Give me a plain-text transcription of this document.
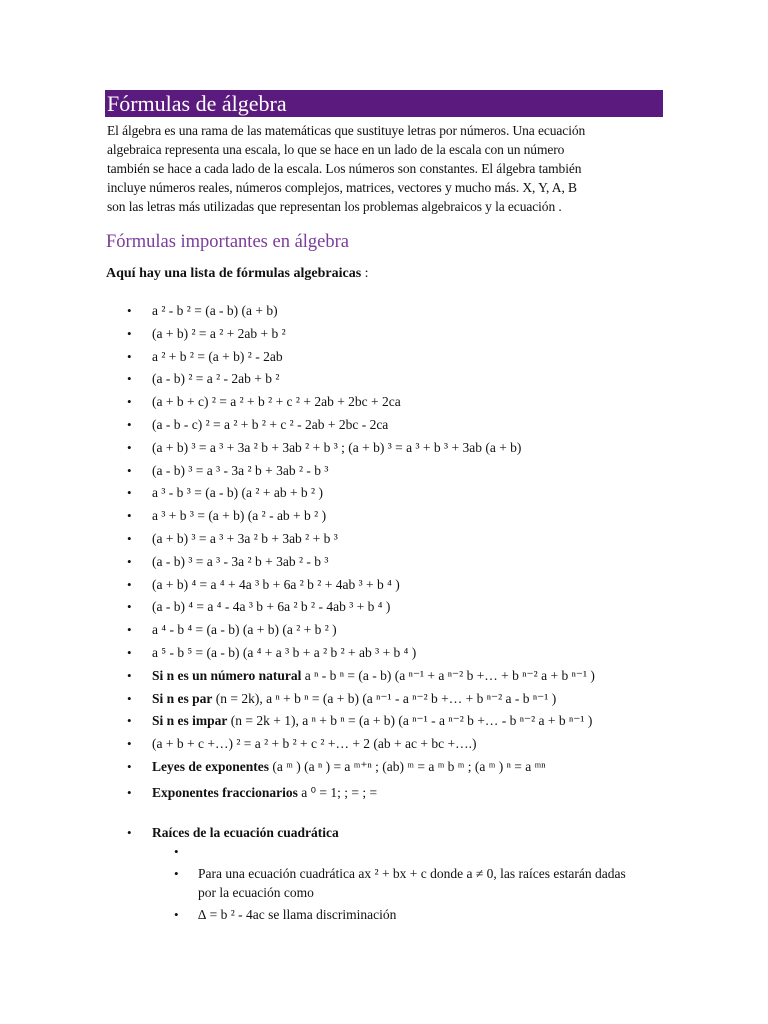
Fórmulas de álgebra

El álgebra es una rama de las matemáticas que sustituye letras por números. Una ecuación
algebraica representa una escala, lo que se hace en un lado de la escala con un número
también se hace a cada lado de la escala. Los números son constantes. El álgebra también
incluye números reales, números complejos, matrices, vectores y mucho más. X, Y, A, B
son las letras más utilizadas que representan los problemas algebraicos y la ecuación .

Fórmulas importantes en álgebra

Aquí hay una lista de fórmulas algebraicas :

• a ² - b ² = (a - b) (a + b)
• (a + b) ² = a ² + 2ab + b ²
• a ² + b ² = (a + b) ² - 2ab
• (a - b) ² = a ² - 2ab + b ²
• (a + b + c) ² = a ² + b ² + c ² + 2ab + 2bc + 2ca
• (a - b - c) ² = a ² + b ² + c ² - 2ab + 2bc - 2ca
• (a + b) ³ = a ³ + 3a ² b + 3ab ² + b ³ ; (a + b) ³ = a ³ + b ³ + 3ab (a + b)
• (a - b) ³ = a ³ - 3a ² b + 3ab ² - b ³
• a ³ - b ³ = (a - b) (a ² + ab + b ² )
• a ³ + b ³ = (a + b) (a ² - ab + b ² )
• (a + b) ³ = a ³ + 3a ² b + 3ab ² + b ³
• (a - b) ³ = a ³ - 3a ² b + 3ab ² - b ³
• (a + b) ⁴ = a ⁴ + 4a ³ b + 6a ² b ² + 4ab ³ + b ⁴ )
• (a - b) ⁴ = a ⁴ - 4a ³ b + 6a ² b ² - 4ab ³ + b ⁴ )
• a ⁴ - b ⁴ = (a - b) (a + b) (a ² + b ² )
• a ⁵ - b ⁵ = (a - b) (a ⁴ + a ³ b + a ² b ² + ab ³ + b ⁴ )
• Si n es un número natural a ⁿ - b ⁿ = (a - b) (a ⁿ⁻¹ + a ⁿ⁻² b +… + b ⁿ⁻² a + b ⁿ⁻¹ )
• Si n es par (n = 2k), a ⁿ + b ⁿ = (a + b) (a ⁿ⁻¹ - a ⁿ⁻² b +… + b ⁿ⁻² a - b ⁿ⁻¹ )
• Si n es impar (n = 2k + 1), a ⁿ + b ⁿ = (a + b) (a ⁿ⁻¹ - a ⁿ⁻² b +… - b ⁿ⁻² a + b ⁿ⁻¹ )
• (a + b + c +…) ² = a ² + b ² + c ² +… + 2 (ab + ac + bc +….)
• Leyes de exponentes (a ᵐ ) (a ⁿ ) = a ᵐ⁺ⁿ ; (ab) ᵐ = a ᵐ b ᵐ ; (a ᵐ ) ⁿ = a ᵐⁿ
• Exponentes fraccionarios a ⁰ = 1; ; = ; =
• Raíces de la ecuación cuadrática
•
• Para una ecuación cuadrática ax ² + bx + c donde a ≠ 0, las raíces estarán dadas por la ecuación como
• ∆ = b ² - 4ac se llama discriminación
